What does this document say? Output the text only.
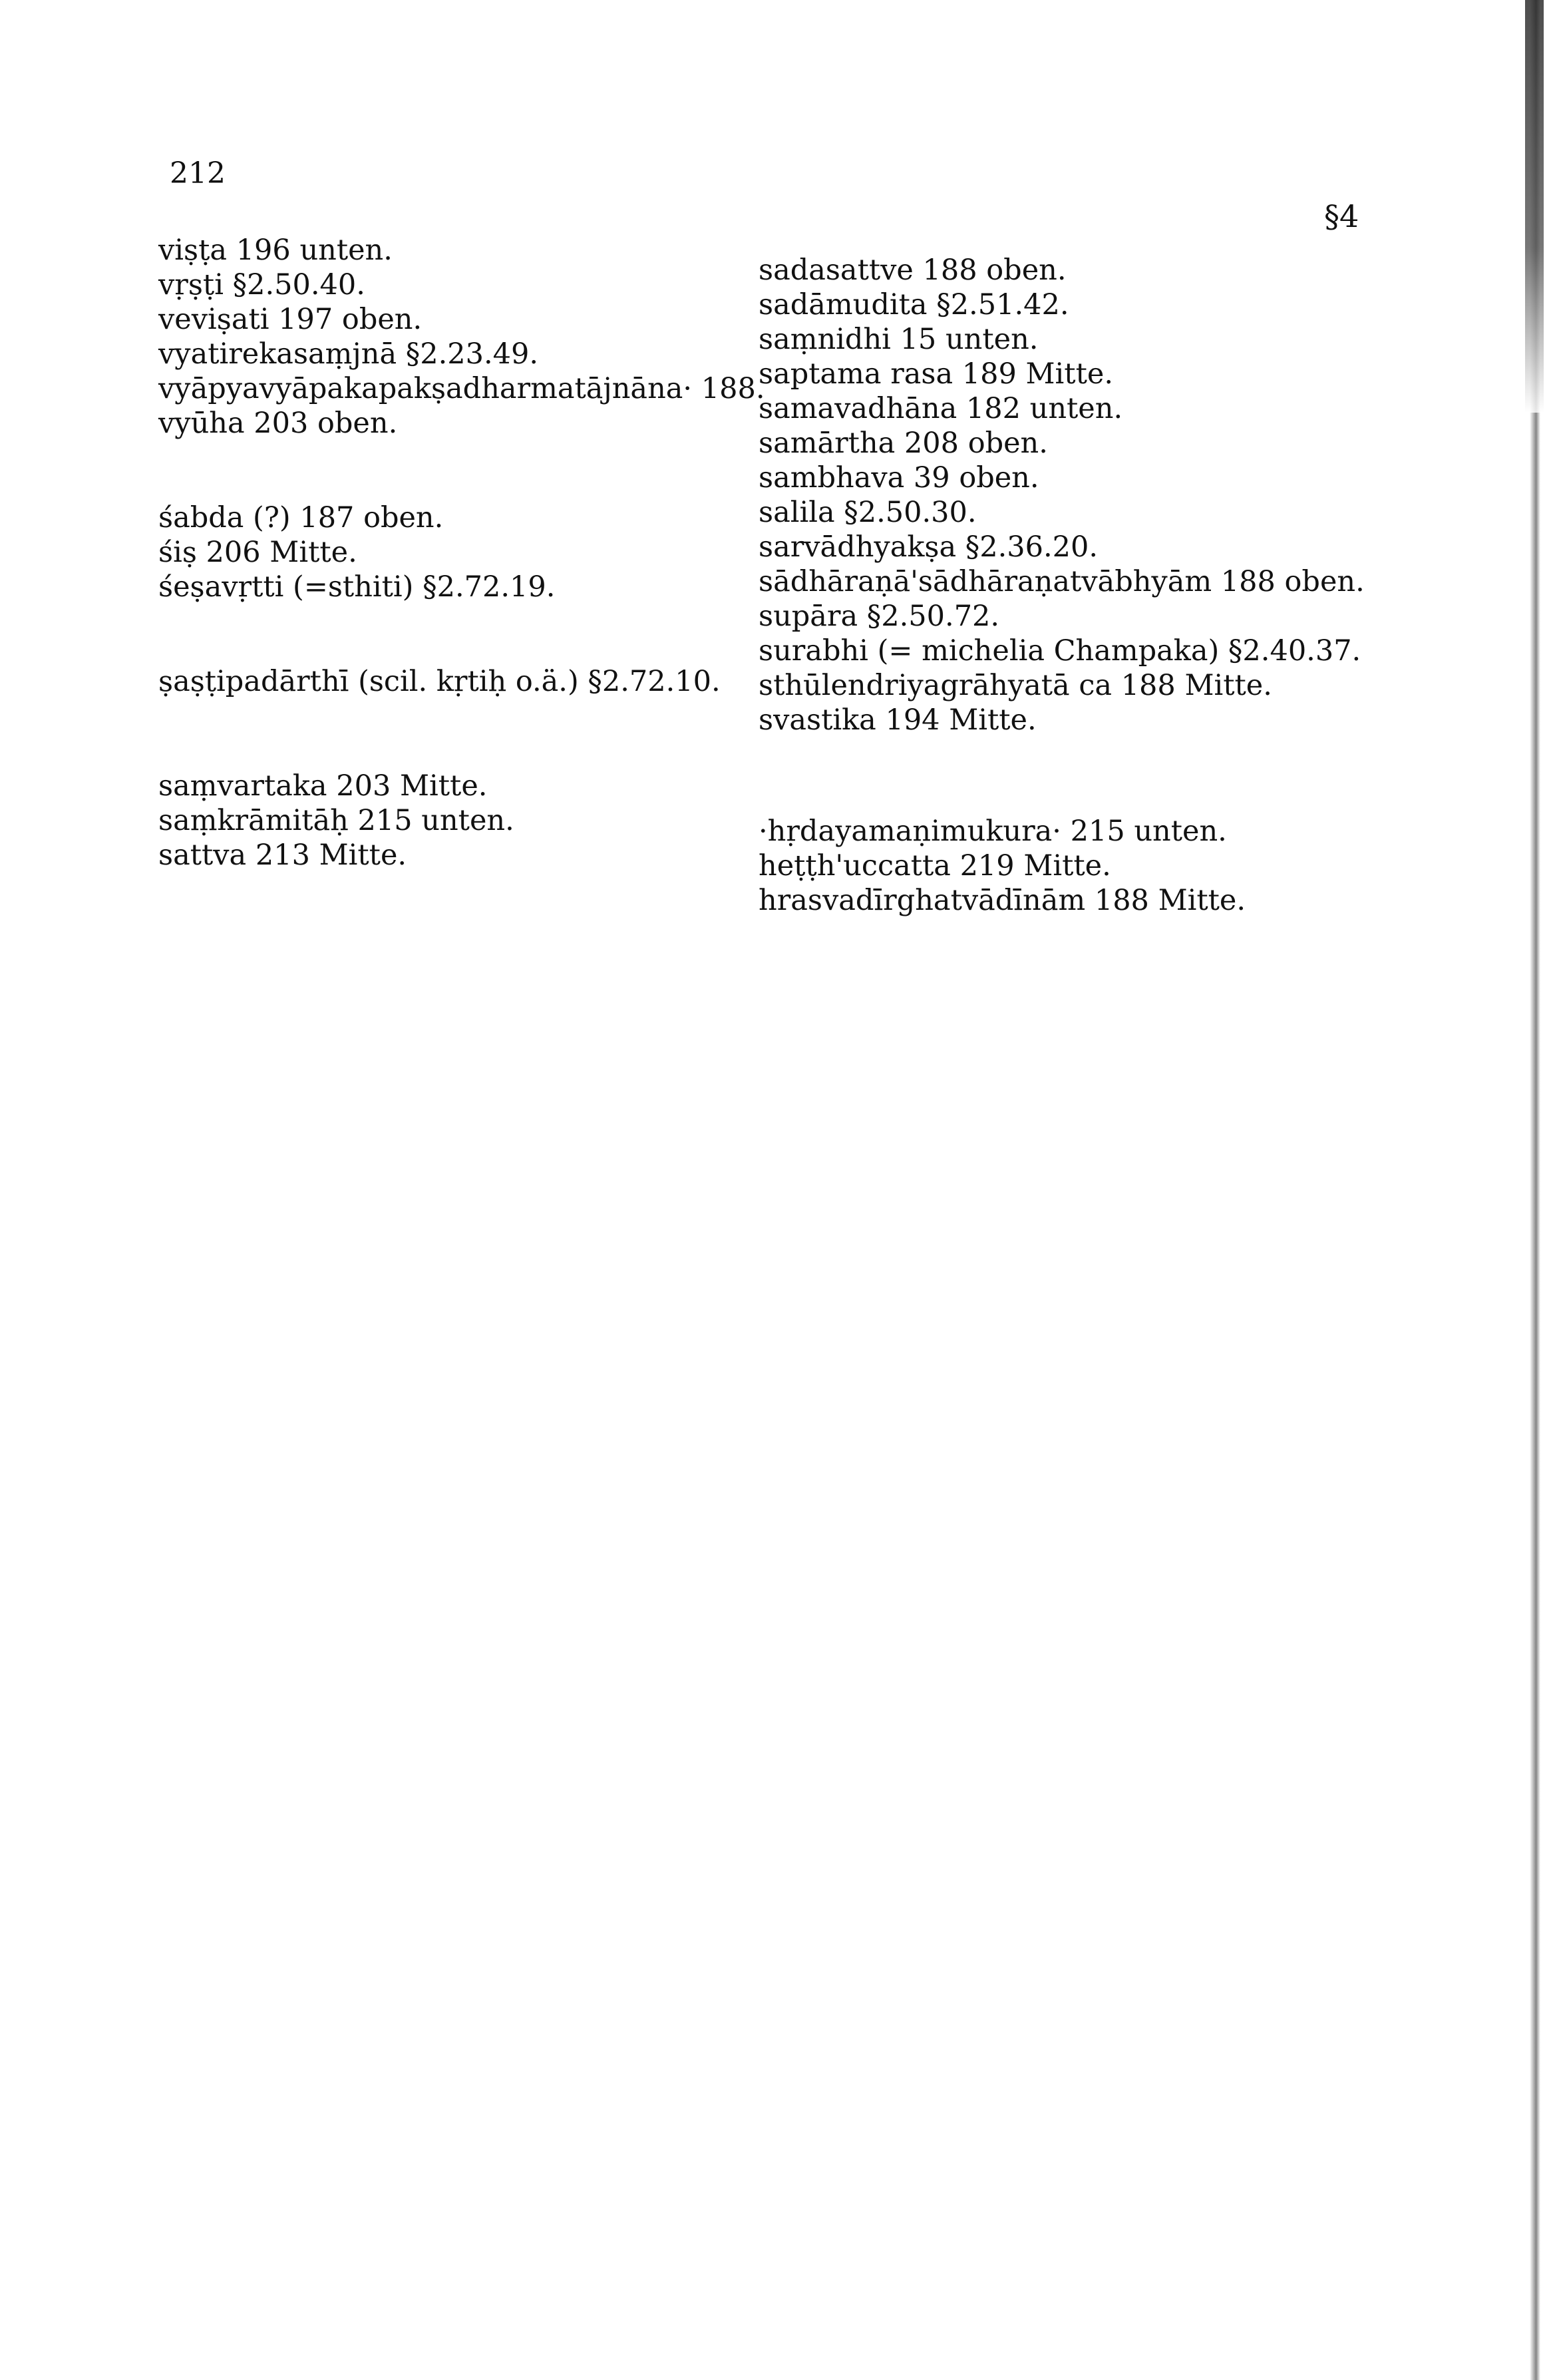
212
§4
viṣṭa 196 unten.
vṛṣṭi §2.50.40.
veviṣati 197 oben.
vyatirekasaṃjnā §2.23.49.
vyāpyavyāpakapakṣadharmatājnāna· 188.
vyūha 203 oben.
śabda (?) 187 oben.
śiṣ 206 Mitte.
śeṣavṛtti (=sthiti) §2.72.19.
ṣaṣṭipadārthī (scil. kṛtiḥ o.ä.) §2.72.10.
saṃvartaka 203 Mitte.
saṃkrāmitāḥ 215 unten.
sattva 213 Mitte.
sadasattve 188 oben.
sadāmudita §2.51.42.
saṃnidhi 15 unten.
saptama rasa 189 Mitte.
samavadhāna 182 unten.
samārtha 208 oben.
sambhava 39 oben.
salila §2.50.30.
sarvādhyakṣa §2.36.20.
sādhāraṇā'sādhāraṇatvābhyām 188 oben.
supāra §2.50.72.
surabhi (= michelia Champaka) §2.40.37.
sthūlendriyagrāhyatā ca 188 Mitte.
svastika 194 Mitte.
·hṛdayamaṇimukura· 215 unten.
heṭṭh'uccatta 219 Mitte.
hrasvadīrghatvādīnām 188 Mitte.
